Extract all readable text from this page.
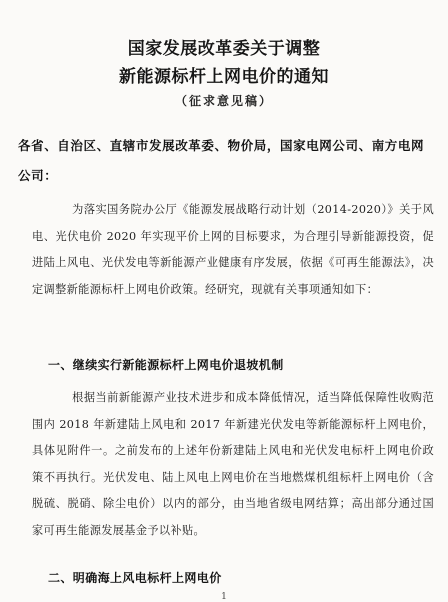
国家发展改革委关于调整
新能源标杆上网电价的通知
（征求意见稿）
各省、自治区、直辖市发展改革委、物价局，国家电网公司、南方电网公司：
为落实国务院办公厅《能源发展战略行动计划（2014-2020）》关于风电、光伏电价 2020 年实现平价上网的目标要求，为合理引导新能源投资，促进陆上风电、光伏发电等新能源产业健康有序发展，依据《可再生能源法》，决定调整新能源标杆上网电价政策。经研究，现就有关事项通知如下：
一、继续实行新能源标杆上网电价退坡机制
根据当前新能源产业技术进步和成本降低情况，适当降低保障性收购范围内 2018 年新建陆上风电和 2017 年新建光伏发电等新能源标杆上网电价，具体见附件一。之前发布的上述年份新建陆上风电和光伏发电标杆上网电价政策不再执行。光伏发电、陆上风电上网电价在当地燃煤机组标杆上网电价（含脱硫、脱硝、除尘电价）以内的部分，由当地省级电网结算；高出部分通过国家可再生能源发展基金予以补贴。
二、明确海上风电标杆上网电价
1
